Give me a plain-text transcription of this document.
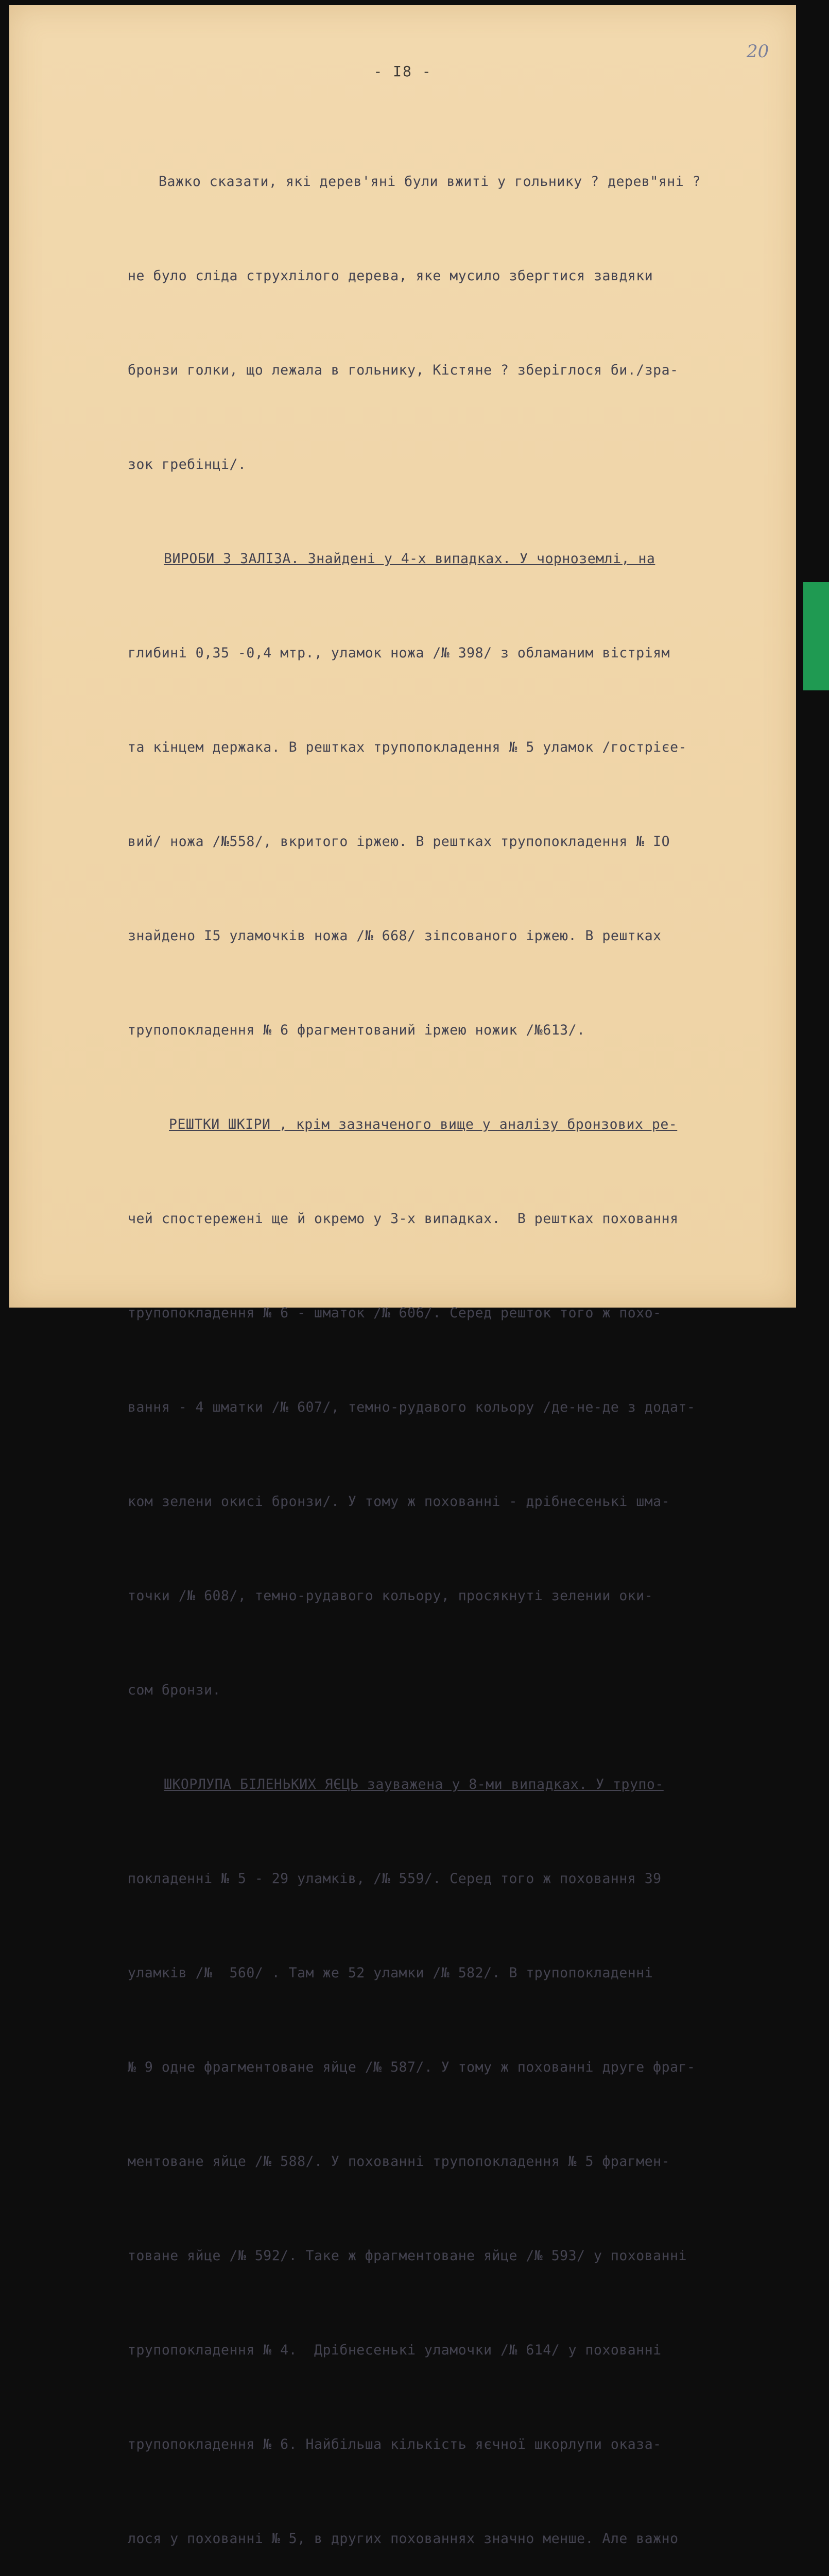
20
- I8 -

Важко сказати, які дерев'яні були вжиті у гольнику ? дерев"яні ?

не було сліда струхлілого дерева, яке мусило збергтися завдяки

бронзи голки, що лежала в гольнику, Кістяне ? зберіглося би./зра-

зок гребінці/.

ВИРОБИ З ЗАЛІЗА. Знайдені у 4-х випадках. У чорноземлі, на

глибині 0,35 -0,4 мтр., уламок ножа /№ 398/ з обламаним вістріям

та кінцем держака. В рештках трупопокладення № 5 уламок /гострієе-

вий/ ножа /№558/, вкритого іржею. В рештках трупопокладення № IO

знайдено I5 уламочків ножа /№ 668/ зіпсованого іржею. В рештках

трупопокладення № 6 фрагментований іржею ножик /№613/.

РЕШТКИ ШКІРИ , крім зазначеного вище у аналізу бронзових ре-

чей спостережені ще й окремо у 3-х випадках.  В рештках поховання

трупопокладення № 6 - шматок /№ 606/. Серед решток того ж похо-

вання - 4 шматки /№ 607/, темно-рудавого кольору /де-не-де з додат-

ком зелени окисі бронзи/. У тому ж похованні - дрібнесенькі шма-

точки /№ 608/, темно-рудавого кольору, просякнуті зелении оки-

сом бронзи.

ШКОРЛУПА БІЛЕНЬКИХ ЯЄЦЬ зауважена у 8-ми випадках. У трупо-

покладенні № 5 - 29 уламків, /№ 559/. Серед того ж поховання 39

уламків /№  560/ . Там же 52 уламки /№ 582/. В трупопокладенні

№ 9 одне фрагментоване яйце /№ 587/. У тому ж похованні друге фраг-

ментоване яйце /№ 588/. У похованні трупопокладення № 5 фрагмен-

товане яйце /№ 592/. Таке ж фрагментоване яйце /№ 593/ у похованні

трупопокладення № 4.  Дрібнесенькі уламочки /№ 614/ у похованні

трупопокладення № 6. Найбільша кількість яєчної шкорлупи оказа-

лося у похованні № 5, в других похованнях значно менше. Але важно
